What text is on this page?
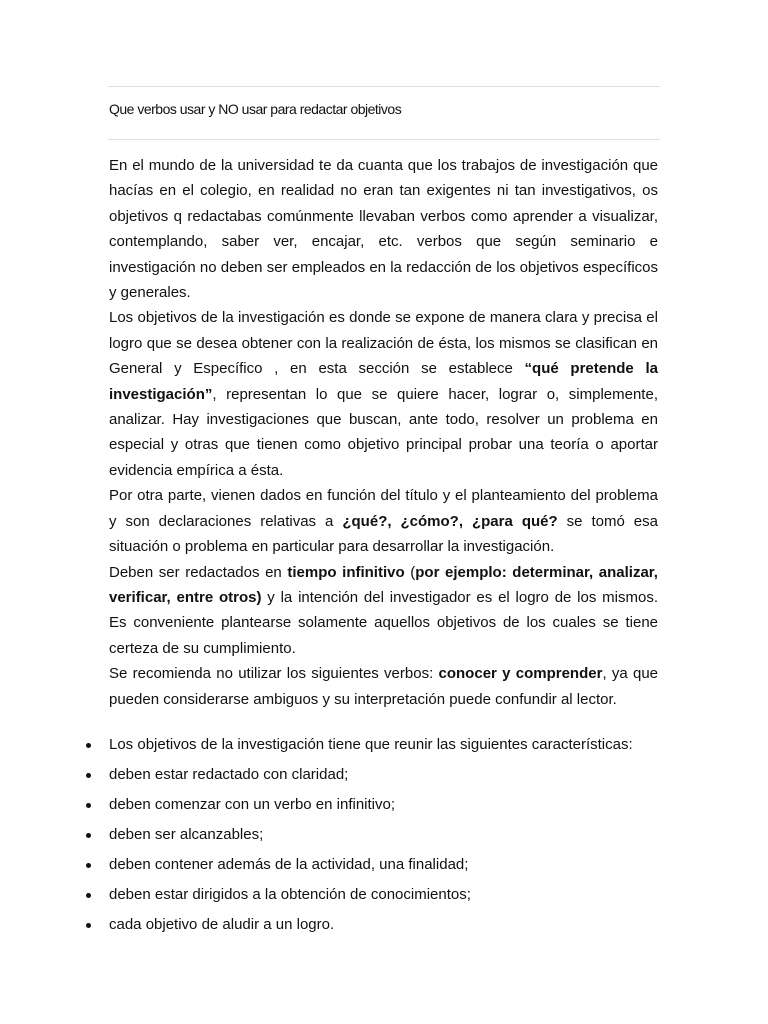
Que verbos usar y NO usar para redactar objetivos

En el mundo de la universidad te da cuanta que los trabajos de investigación que hacías en el colegio, en realidad no eran tan exigentes ni tan investigativos, os objetivos q redactabas comúnmente llevaban verbos como aprender a visualizar, contemplando, saber ver, encajar, etc. verbos que según seminario e investigación no deben ser empleados en la redacción de los objetivos específicos y generales.

Los objetivos de la investigación es donde se expone de manera clara y precisa el logro que se desea obtener con la realización de ésta, los mismos se clasifican en General y Específico , en esta sección se establece “qué pretende la investigación”, representan lo que se quiere hacer, lograr o, simplemente, analizar. Hay investigaciones que buscan, ante todo, resolver un problema en especial y otras que tienen como objetivo principal probar una teoría o aportar evidencia empírica a ésta.

Por otra parte, vienen dados en función del título y el planteamiento del problema y son declaraciones relativas a ¿qué?, ¿cómo?, ¿para qué? se tomó esa situación o problema en particular para desarrollar la investigación.

Deben ser redactados en tiempo infinitivo (por ejemplo: determinar, analizar, verificar, entre otros) y la intención del investigador es el logro de los mismos. Es conveniente plantearse solamente aquellos objetivos de los cuales se tiene certeza de su cumplimiento.

Se recomienda no utilizar los siguientes verbos: conocer y comprender, ya que pueden considerarse ambiguos y su interpretación puede confundir al lector.

Los objetivos de la investigación tiene que reunir las siguientes características:
deben estar redactado con claridad;
deben comenzar con un verbo en infinitivo;
deben ser alcanzables;
deben contener además de la actividad, una finalidad;
deben estar dirigidos a la obtención de conocimientos;
cada objetivo de aludir a un logro.
